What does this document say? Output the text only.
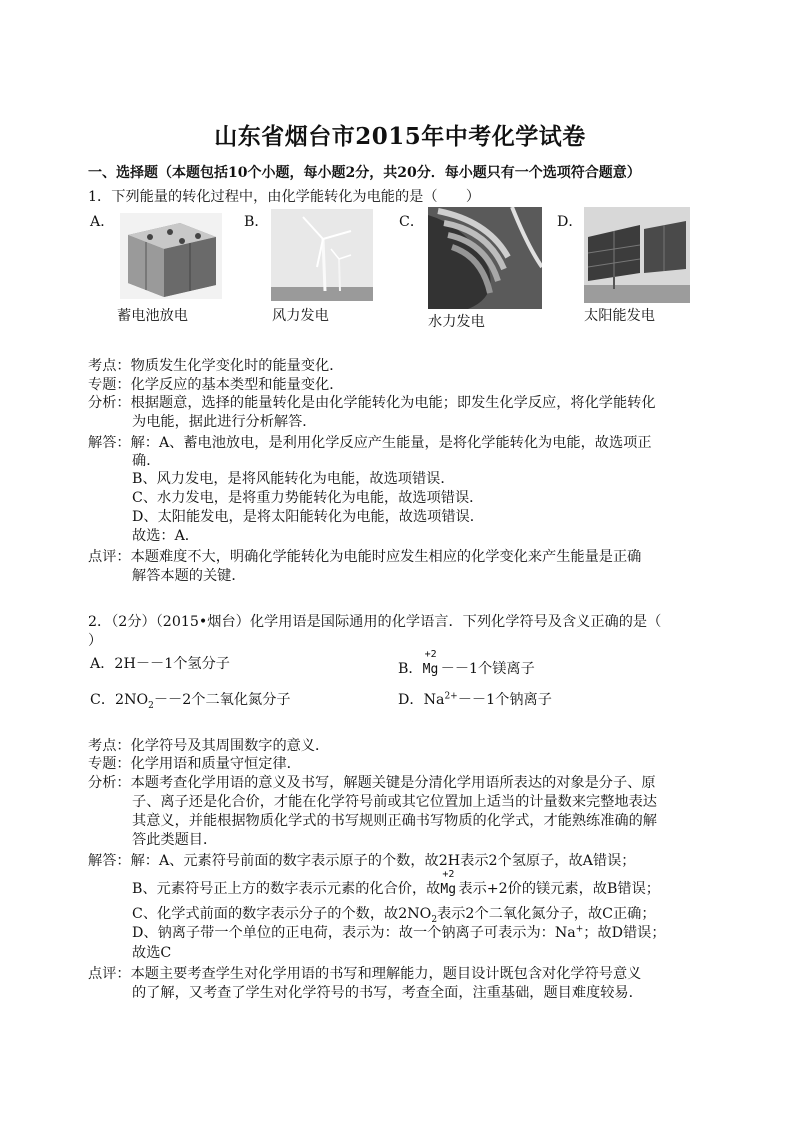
山东省烟台市2015年中考化学试卷
一、选择题（本题包括10个小题，每小题2分，共20分．每小题只有一个选项符合题意）
1．下列能量的转化过程中，由化学能转化为电能的是（　　）
A．
蓄电池放电
B．
风力发电
C．
水力发电
D．
太阳能发电
考点：物质发生化学变化时的能量变化．
专题：化学反应的基本类型和能量变化．
分析：根据题意，选择的能量转化是由化学能转化为电能；即发生化学反应，将化学能转化
为电能，据此进行分析解答．
解答：解：A、蓄电池放电，是利用化学反应产生能量，是将化学能转化为电能，故选项正
确．
B、风力发电，是将风能转化为电能，故选项错误．
C、水力发电，是将重力势能转化为电能，故选项错误．
D、太阳能发电，是将太阳能转化为电能，故选项错误．
故选：A．
点评：本题难度不大，明确化学能转化为电能时应发生相应的化学变化来产生能量是正确
解答本题的关键．
2．（2分）（2015•烟台）化学用语是国际通用的化学语言．下列化学符号及含义正确的是（
）
A．2H－－1个氢分子	B．
+2
Mg －－1个镁离子
C．$2NO_2--2$个二氧化氮分子	D．$Na^{2+}--1$个钠离子
考点：化学符号及其周围数字的意义．
专题：化学用语和质量守恒定律．
分析：本题考查化学用语的意义及书写，解题关键是分清化学用语所表达的对象是分子、原
子、离子还是化合价，才能在化学符号前或其它位置加上适当的计量数来完整地表达
其意义，并能根据物质化学式的书写规则正确书写物质的化学式，才能熟练准确的解
答此类题目．
解答：解：A、元素符号前面的数字表示原子的个数，故2H表示2个氢原子，故A错误；
B、元素符号正上方的数字表示元素的化合价，故
+2
Mg 表示+2价的镁元素，故B错误；
C、化学式前面的数字表示分子的个数，故$2NO_2$表示2个二氧化氮分子，故C正确；
D、钠离子带一个单位的正电荷，表示为：故一个钠离子可表示为：Na+；故D错误；
故选C
点评：本题主要考查学生对化学用语的书写和理解能力，题目设计既包含对化学符号意义
的了解，又考查了学生对化学符号的书写，考查全面，注重基础，题目难度较易．
